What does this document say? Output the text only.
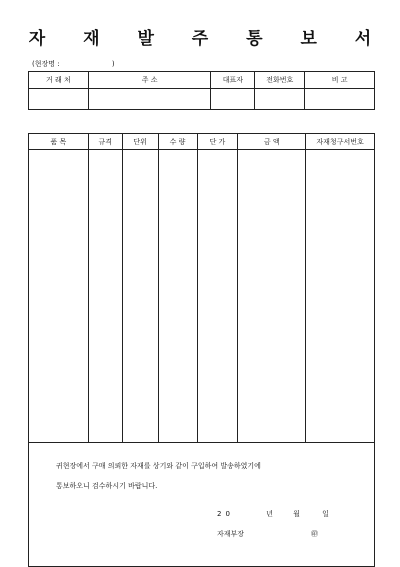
자 재 발 주 통 보 서
(현장명 :	)
거 래 처	주 소	대표자	전화번호	비 고

품 목	규격	단위	수 량	단 가	금 액	자재청구서번호

귀현장에서 구매 의뢰한 자재를 상기와 같이 구입하여 발송하였기에
통보하오니 검수하시기 바랍니다.
20 년 월 일
자재부장 ㊞						
